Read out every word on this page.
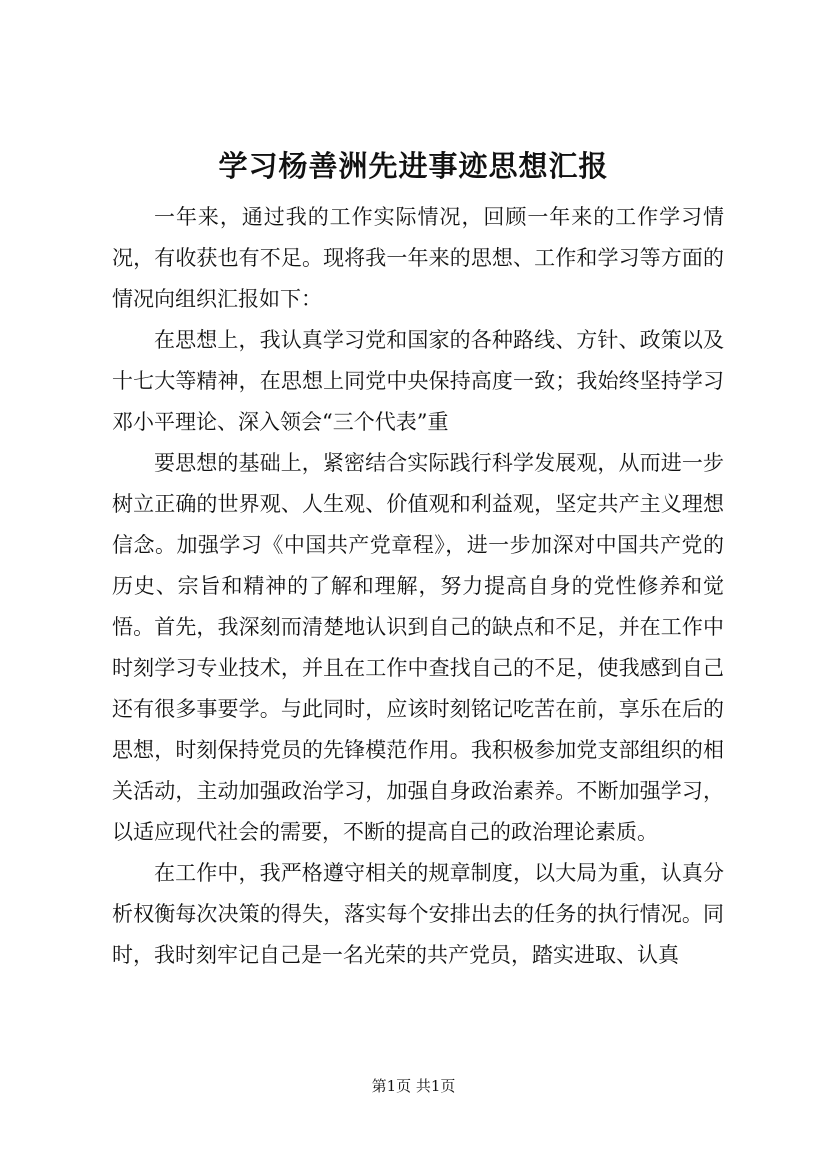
学习杨善洲先进事迹思想汇报

一年来，通过我的工作实际情况，回顾一年来的工作学习情况，有收获也有不足。现将我一年来的思想、工作和学习等方面的情况向组织汇报如下：

在思想上，我认真学习党和国家的各种路线、方针、政策以及十七大等精神，在思想上同党中央保持高度一致；我始终坚持学习邓小平理论、深入领会“三个代表”重

要思想的基础上，紧密结合实际践行科学发展观，从而进一步树立正确的世界观、人生观、价值观和利益观，坚定共产主义理想信念。加强学习《中国共产党章程》，进一步加深对中国共产党的历史、宗旨和精神的了解和理解，努力提高自身的党性修养和觉悟。首先，我深刻而清楚地认识到自己的缺点和不足，并在工作中时刻学习专业技术，并且在工作中查找自己的不足，使我感到自己还有很多事要学。与此同时，应该时刻铭记吃苦在前，享乐在后的思想，时刻保持党员的先锋模范作用。我积极参加党支部组织的相关活动，主动加强政治学习，加强自身政治素养。不断加强学习，以适应现代社会的需要，不断的提高自己的政治理论素质。

在工作中，我严格遵守相关的规章制度，以大局为重，认真分析权衡每次决策的得失，落实每个安排出去的任务的执行情况。同时，我时刻牢记自己是一名光荣的共产党员，踏实进取、认真

第1页 共1页
